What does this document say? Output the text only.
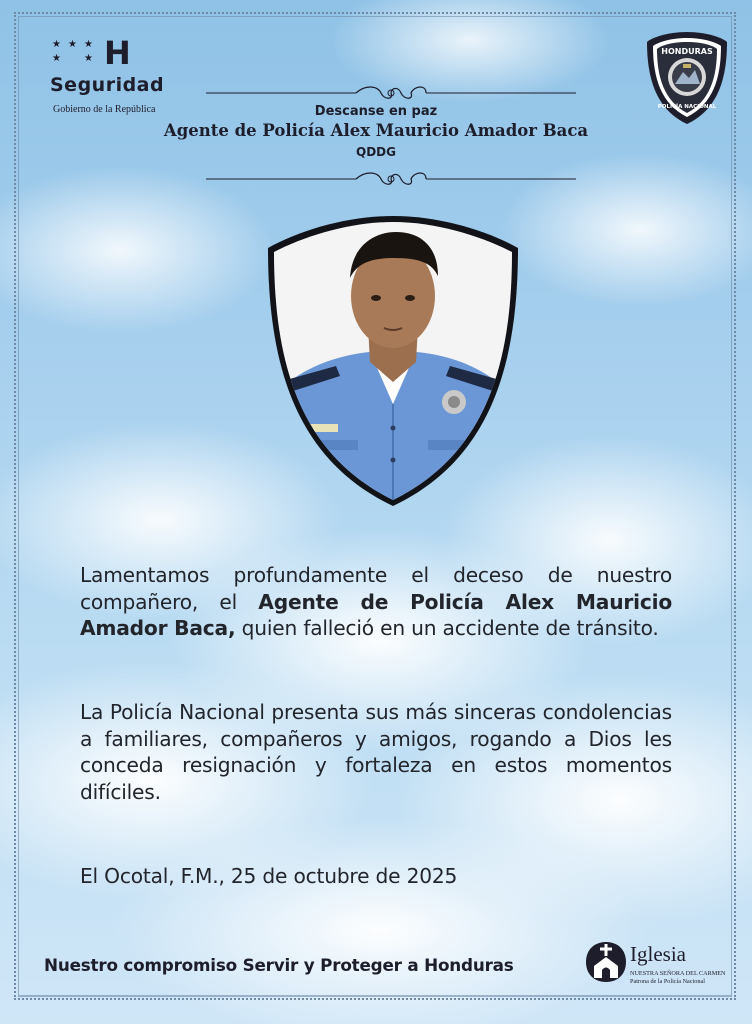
★ ★ ★
★ ★ H
Seguridad
Gobierno de la República
HONDURAS
POLICÍA NACIONAL
Descanse en paz
Agente de Policía Alex Mauricio Amador Baca
QDDG
Lamentamos profundamente el deceso de nuestro compañero, el Agente de Policía Alex Mauricio Amador Baca, quien falleció en un accidente de tránsito.
La Policía Nacional presenta sus más sinceras condolencias a familiares, compañeros y amigos, rogando a Dios les conceda resignación y fortaleza en estos momentos difíciles.
El Ocotal, F.M., 25 de octubre de 2025
Nuestro compromiso Servir y Proteger a Honduras	Iglesia
NUESTRA SEÑORA DEL CARMEN
Patrona de la Policía Nacional
